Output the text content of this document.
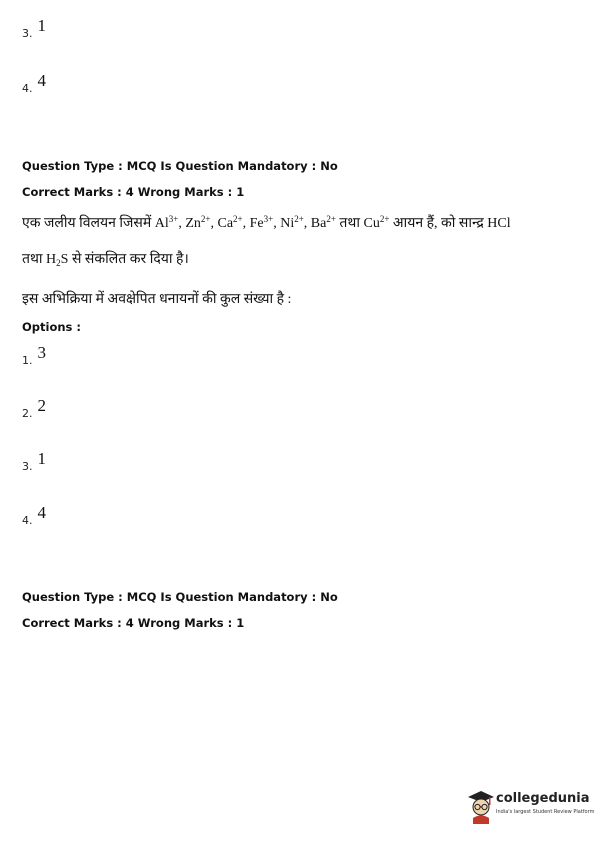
3. 1
4. 4
Question Type : MCQ Is Question Mandatory : No
Correct Marks : 4 Wrong Marks : 1
एक जलीय विलयन जिसमें $Al^{3+}$, $Zn^{2+}$, $Ca^{2+}$, $Fe^{3+}$, $Ni^{2+}$, $Ba^{2+}$ तथा $Cu^{2+}$ आयन हैं, को सान्द्र HCl
तथा $H_2S$ से संकलित कर दिया है।
इस अभिक्रिया में अवक्षेपित धनायनों की कुल संख्या है :
Options :
1. 3
2. 2
3. 1
4. 4
Question Type : MCQ Is Question Mandatory : No
Correct Marks : 4 Wrong Marks : 1
collegedunia
India's largest Student Review Platform
